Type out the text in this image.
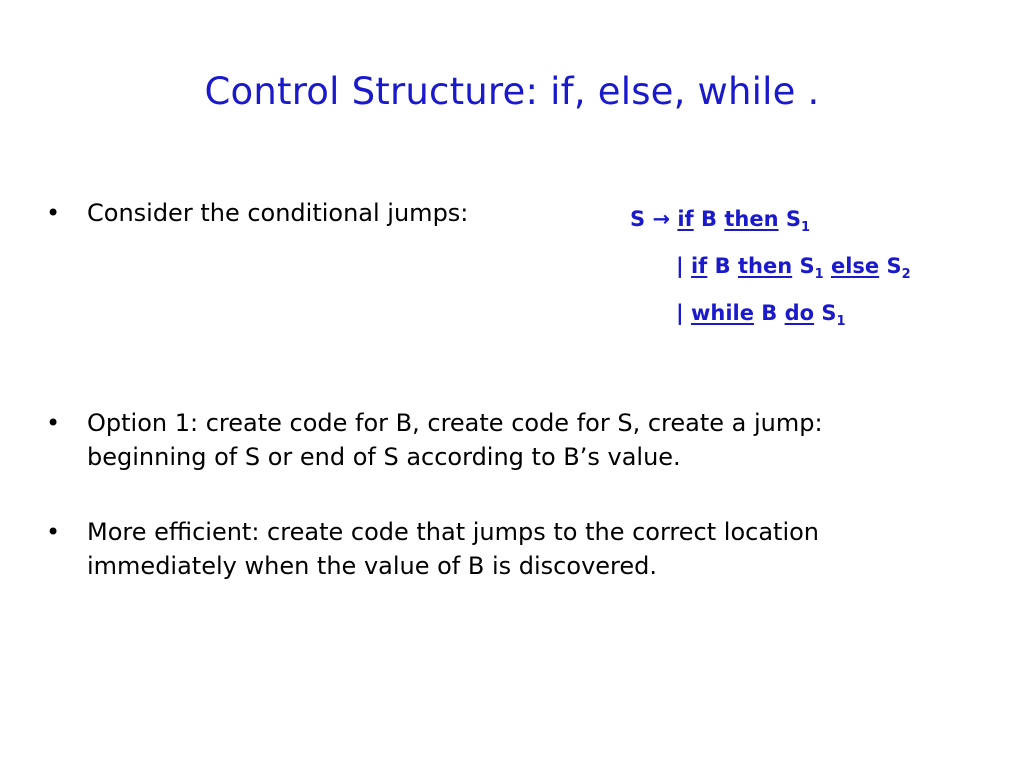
Control Structure: if, else, while .
• Consider the conditional jumps:	S → if B then $S_1$
| if B then $S_1$ else $S_2$
| while B do $S_1$
• Option 1: create code for B, create code for S, create a jump: beginning of S or end of S according to B’s value.
• More efficient: create code that jumps to the correct location immediately when the value of B is discovered.
